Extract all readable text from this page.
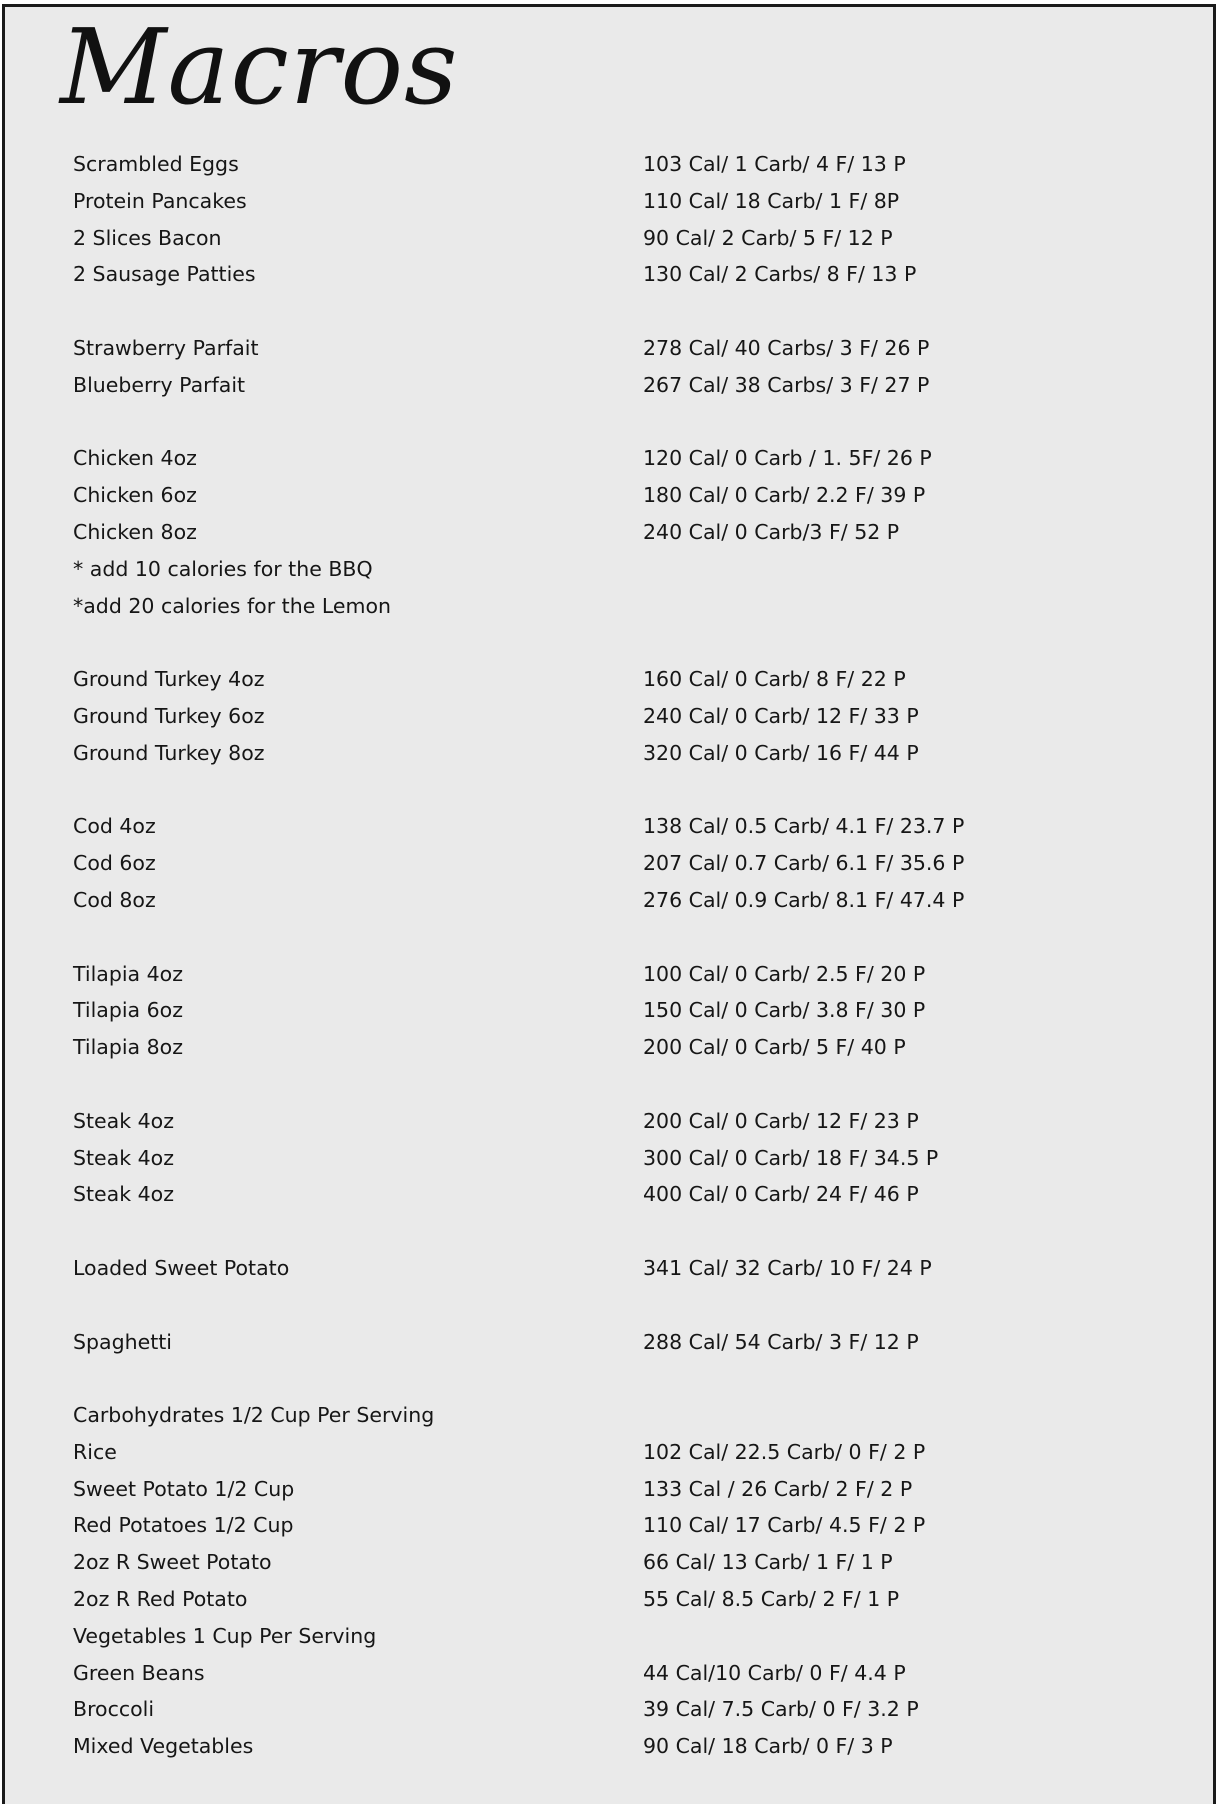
Macros
Scrambled Eggs	103 Cal/ 1 Carb/ 4 F/ 13 P
Protein Pancakes	110 Cal/ 18 Carb/ 1 F/ 8P
2 Slices Bacon	90 Cal/ 2 Carb/ 5 F/ 12 P
2 Sausage Patties	130 Cal/ 2 Carbs/ 8 F/ 13 P
Strawberry Parfait	278 Cal/ 40 Carbs/ 3 F/ 26 P
Blueberry Parfait	267 Cal/ 38 Carbs/ 3 F/ 27 P
Chicken 4oz	120 Cal/ 0 Carb / 1. 5F/ 26 P
Chicken 6oz	180 Cal/ 0 Carb/ 2.2 F/ 39 P
Chicken 8oz	240 Cal/ 0 Carb/3 F/ 52 P
* add 10 calories for the BBQ
*add 20 calories for the Lemon
Ground Turkey 4oz	160 Cal/ 0 Carb/ 8 F/ 22 P
Ground Turkey 6oz	240 Cal/ 0 Carb/ 12 F/ 33 P
Ground Turkey 8oz	320 Cal/ 0 Carb/ 16 F/ 44 P
Cod 4oz	138 Cal/ 0.5 Carb/ 4.1 F/ 23.7 P
Cod 6oz	207 Cal/ 0.7 Carb/ 6.1 F/ 35.6 P
Cod 8oz	276 Cal/ 0.9 Carb/ 8.1 F/ 47.4 P
Tilapia 4oz	100 Cal/ 0 Carb/ 2.5 F/ 20 P
Tilapia 6oz	150 Cal/ 0 Carb/ 3.8 F/ 30 P
Tilapia 8oz	200 Cal/ 0 Carb/ 5 F/ 40 P
Steak 4oz	200 Cal/ 0 Carb/ 12 F/ 23 P
Steak 4oz	300 Cal/ 0 Carb/ 18 F/ 34.5 P
Steak 4oz	400 Cal/ 0 Carb/ 24 F/ 46 P
Loaded Sweet Potato	341 Cal/ 32 Carb/ 10 F/ 24 P
Spaghetti	288 Cal/ 54 Carb/ 3 F/ 12 P
Carbohydrates 1/2 Cup Per Serving
Rice	102 Cal/ 22.5 Carb/ 0 F/ 2 P
Sweet Potato 1/2 Cup	133 Cal / 26 Carb/ 2 F/ 2 P
Red Potatoes 1/2 Cup	110 Cal/ 17 Carb/ 4.5 F/ 2 P
2oz R Sweet Potato	66 Cal/ 13 Carb/ 1 F/ 1 P
2oz R Red Potato	55 Cal/ 8.5 Carb/ 2 F/ 1 P
Vegetables 1 Cup Per Serving
Green Beans	44 Cal/10 Carb/ 0 F/ 4.4 P
Broccoli	39 Cal/ 7.5 Carb/ 0 F/ 3.2 P
Mixed Vegetables	90 Cal/ 18 Carb/ 0 F/ 3 P
